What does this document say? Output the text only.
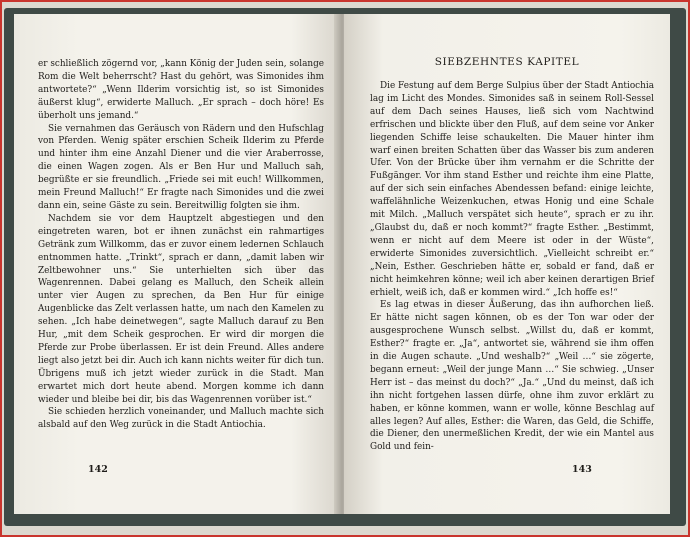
er schließlich zögernd vor, „kann König der Juden sein, solange Rom die Welt beherrscht? Hast du gehört, was Simonides ihm antwortete?“ „Wenn Ilderim vorsichtig ist, so ist Simonides äußerst klug“, erwiderte Malluch. „Er sprach – doch höre! Es überholt uns jemand.“

Sie vernahmen das Geräusch von Rädern und den Hufschlag von Pferden. Wenig später erschien Scheik Ilderim zu Pferde und hinter ihm eine Anzahl Diener und die vier Araberrosse, die einen Wagen zogen. Als er Ben Hur und Malluch sah, begrüßte er sie freundlich. „Friede sei mit euch! Willkommen, mein Freund Malluch!“ Er fragte nach Simonides und die zwei dann ein, seine Gäste zu sein. Bereitwillig folgten sie ihm.

Nachdem sie vor dem Hauptzelt abgestiegen und den eingetreten waren, bot er ihnen zunächst ein rahmartiges Getränk zum Willkomm, das er zuvor einem ledernen Schlauch entnommen hatte. „Trinkt“, sprach er dann, „damit laben wir Zeltbewohner uns.“ Sie unterhielten sich über das Wagenrennen. Dabei gelang es Malluch, den Scheik allein unter vier Augen zu sprechen, da Ben Hur für einige Augenblicke das Zelt verlassen hatte, um nach den Kamelen zu sehen. „Ich habe deinetwegen“, sagte Malluch darauf zu Ben Hur, „mit dem Scheik gesprochen. Er wird dir morgen die Pferde zur Probe überlassen. Er ist dein Freund. Alles andere liegt also jetzt bei dir. Auch ich kann nichts weiter für dich tun. Übrigens muß ich jetzt wieder zurück in die Stadt. Man erwartet mich dort heute abend. Morgen komme ich dann wieder und bleibe bei dir, bis das Wagenrennen vorüber ist.“

Sie schieden herzlich voneinander, und Malluch machte sich alsbald auf den Weg zurück in die Stadt Antiochia.

142
SIEBZEHNTES KAPITEL

Die Festung auf dem Berge Sulpius über der Stadt Antiochia lag im Licht des Mondes. Simonides saß in seinem Roll-Sessel auf dem Dach seines Hauses, ließ sich vom Nachtwind erfrischen und blickte über den Fluß, auf dem seine vor Anker liegenden Schiffe leise schaukelten. Die Mauer hinter ihm warf einen breiten Schatten über das Wasser bis zum anderen Ufer. Von der Brücke über ihm vernahm er die Schritte der Fußgänger. Vor ihm stand Esther und reichte ihm eine Platte, auf der sich sein einfaches Abendessen befand: einige leichte, waffelähnliche Weizenkuchen, etwas Honig und eine Schale mit Milch. „Malluch verspätet sich heute“, sprach er zu ihr. „Glaubst du, daß er noch kommt?“ fragte Esther. „Bestimmt, wenn er nicht auf dem Meere ist oder in der Wüste“, erwiderte Simonides zuversichtlich. „Vielleicht schreibt er.“ „Nein, Esther. Geschrieben hätte er, sobald er fand, daß er nicht heimkehren könne; weil ich aber keinen derartigen Brief erhielt, weiß ich, daß er kommen wird.“ „Ich hoffe es!“

Es lag etwas in dieser Äußerung, das ihn aufhorchen ließ. Er hätte nicht sagen können, ob es der Ton war oder der ausgesprochene Wunsch selbst. „Willst du, daß er kommt, Esther?“ fragte er. „Ja“, antwortet sie, während sie ihm offen in die Augen schaute. „Und weshalb?“ „Weil …“ sie zögerte, begann erneut: „Weil der junge Mann …“ Sie schwieg. „Unser Herr ist – das meinst du doch?“ „Ja.“ „Und du meinst, daß ich ihn nicht fortgehen lassen dürfe, ohne ihm zuvor erklärt zu haben, er könne kommen, wann er wolle, könne Beschlag auf alles legen? Auf alles, Esther: die Waren, das Geld, die Schiffe, die Diener, den unermeßlichen Kredit, der wie ein Mantel aus Gold und fein-

143
